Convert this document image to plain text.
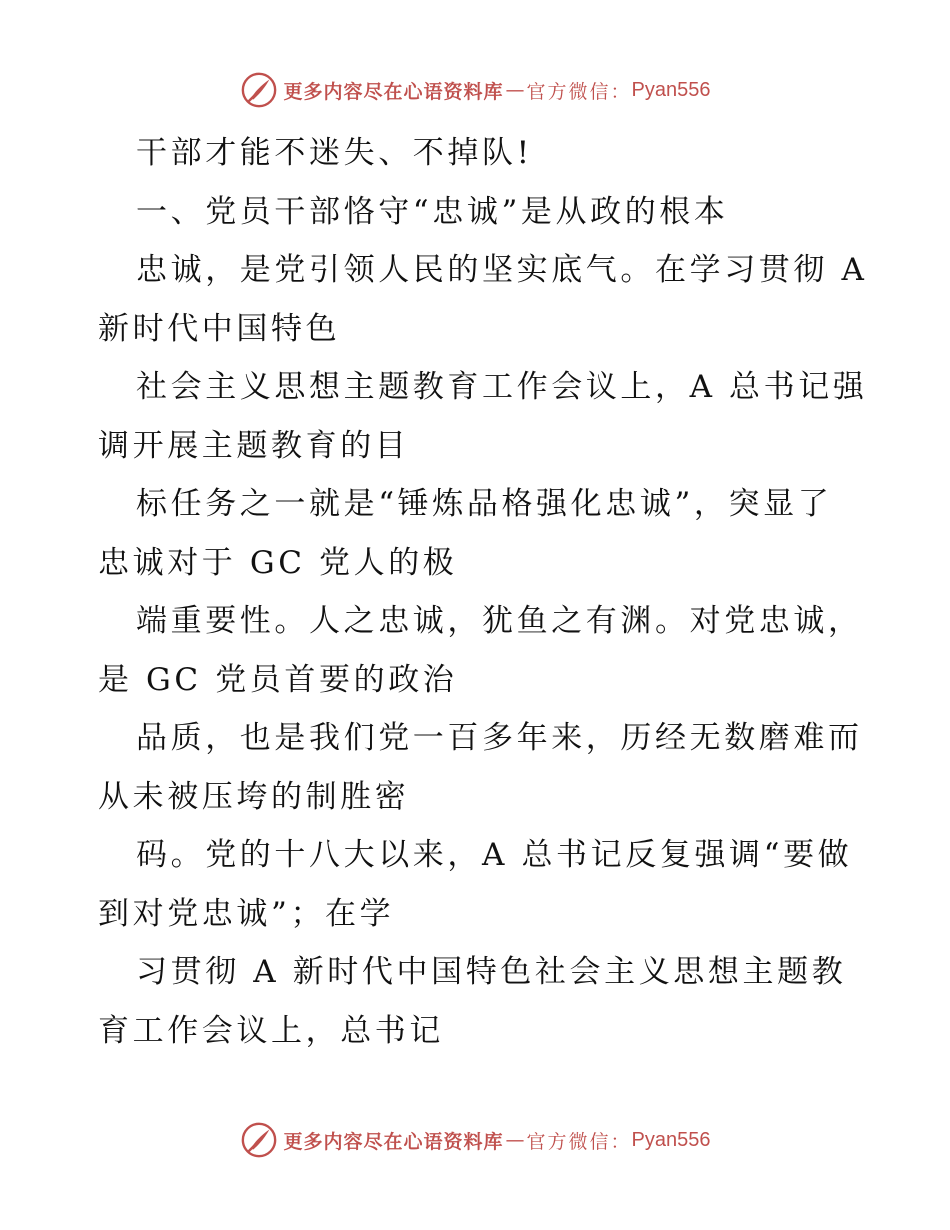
更多内容尽在心语资料库 — 官方微信： Pyan556
干部才能不迷失、不掉队!
一、党员干部恪守“忠诚”是从政的根本
忠诚，是党引领人民的坚实底气。在学习贯彻 A
新时代中国特色
社会主义思想主题教育工作会议上，A 总书记强
调开展主题教育的目
标任务之一就是“锤炼品格强化忠诚”，突显了
忠诚对于 GC 党人的极
端重要性。人之忠诚，犹鱼之有渊。对党忠诚，
是 GC 党员首要的政治
品质，也是我们党一百多年来，历经无数磨难而
从未被压垮的制胜密
码。党的十八大以来，A 总书记反复强调“要做
到对党忠诚”；在学
习贯彻 A 新时代中国特色社会主义思想主题教
育工作会议上，总书记
更多内容尽在心语资料库 — 官方微信： Pyan556
